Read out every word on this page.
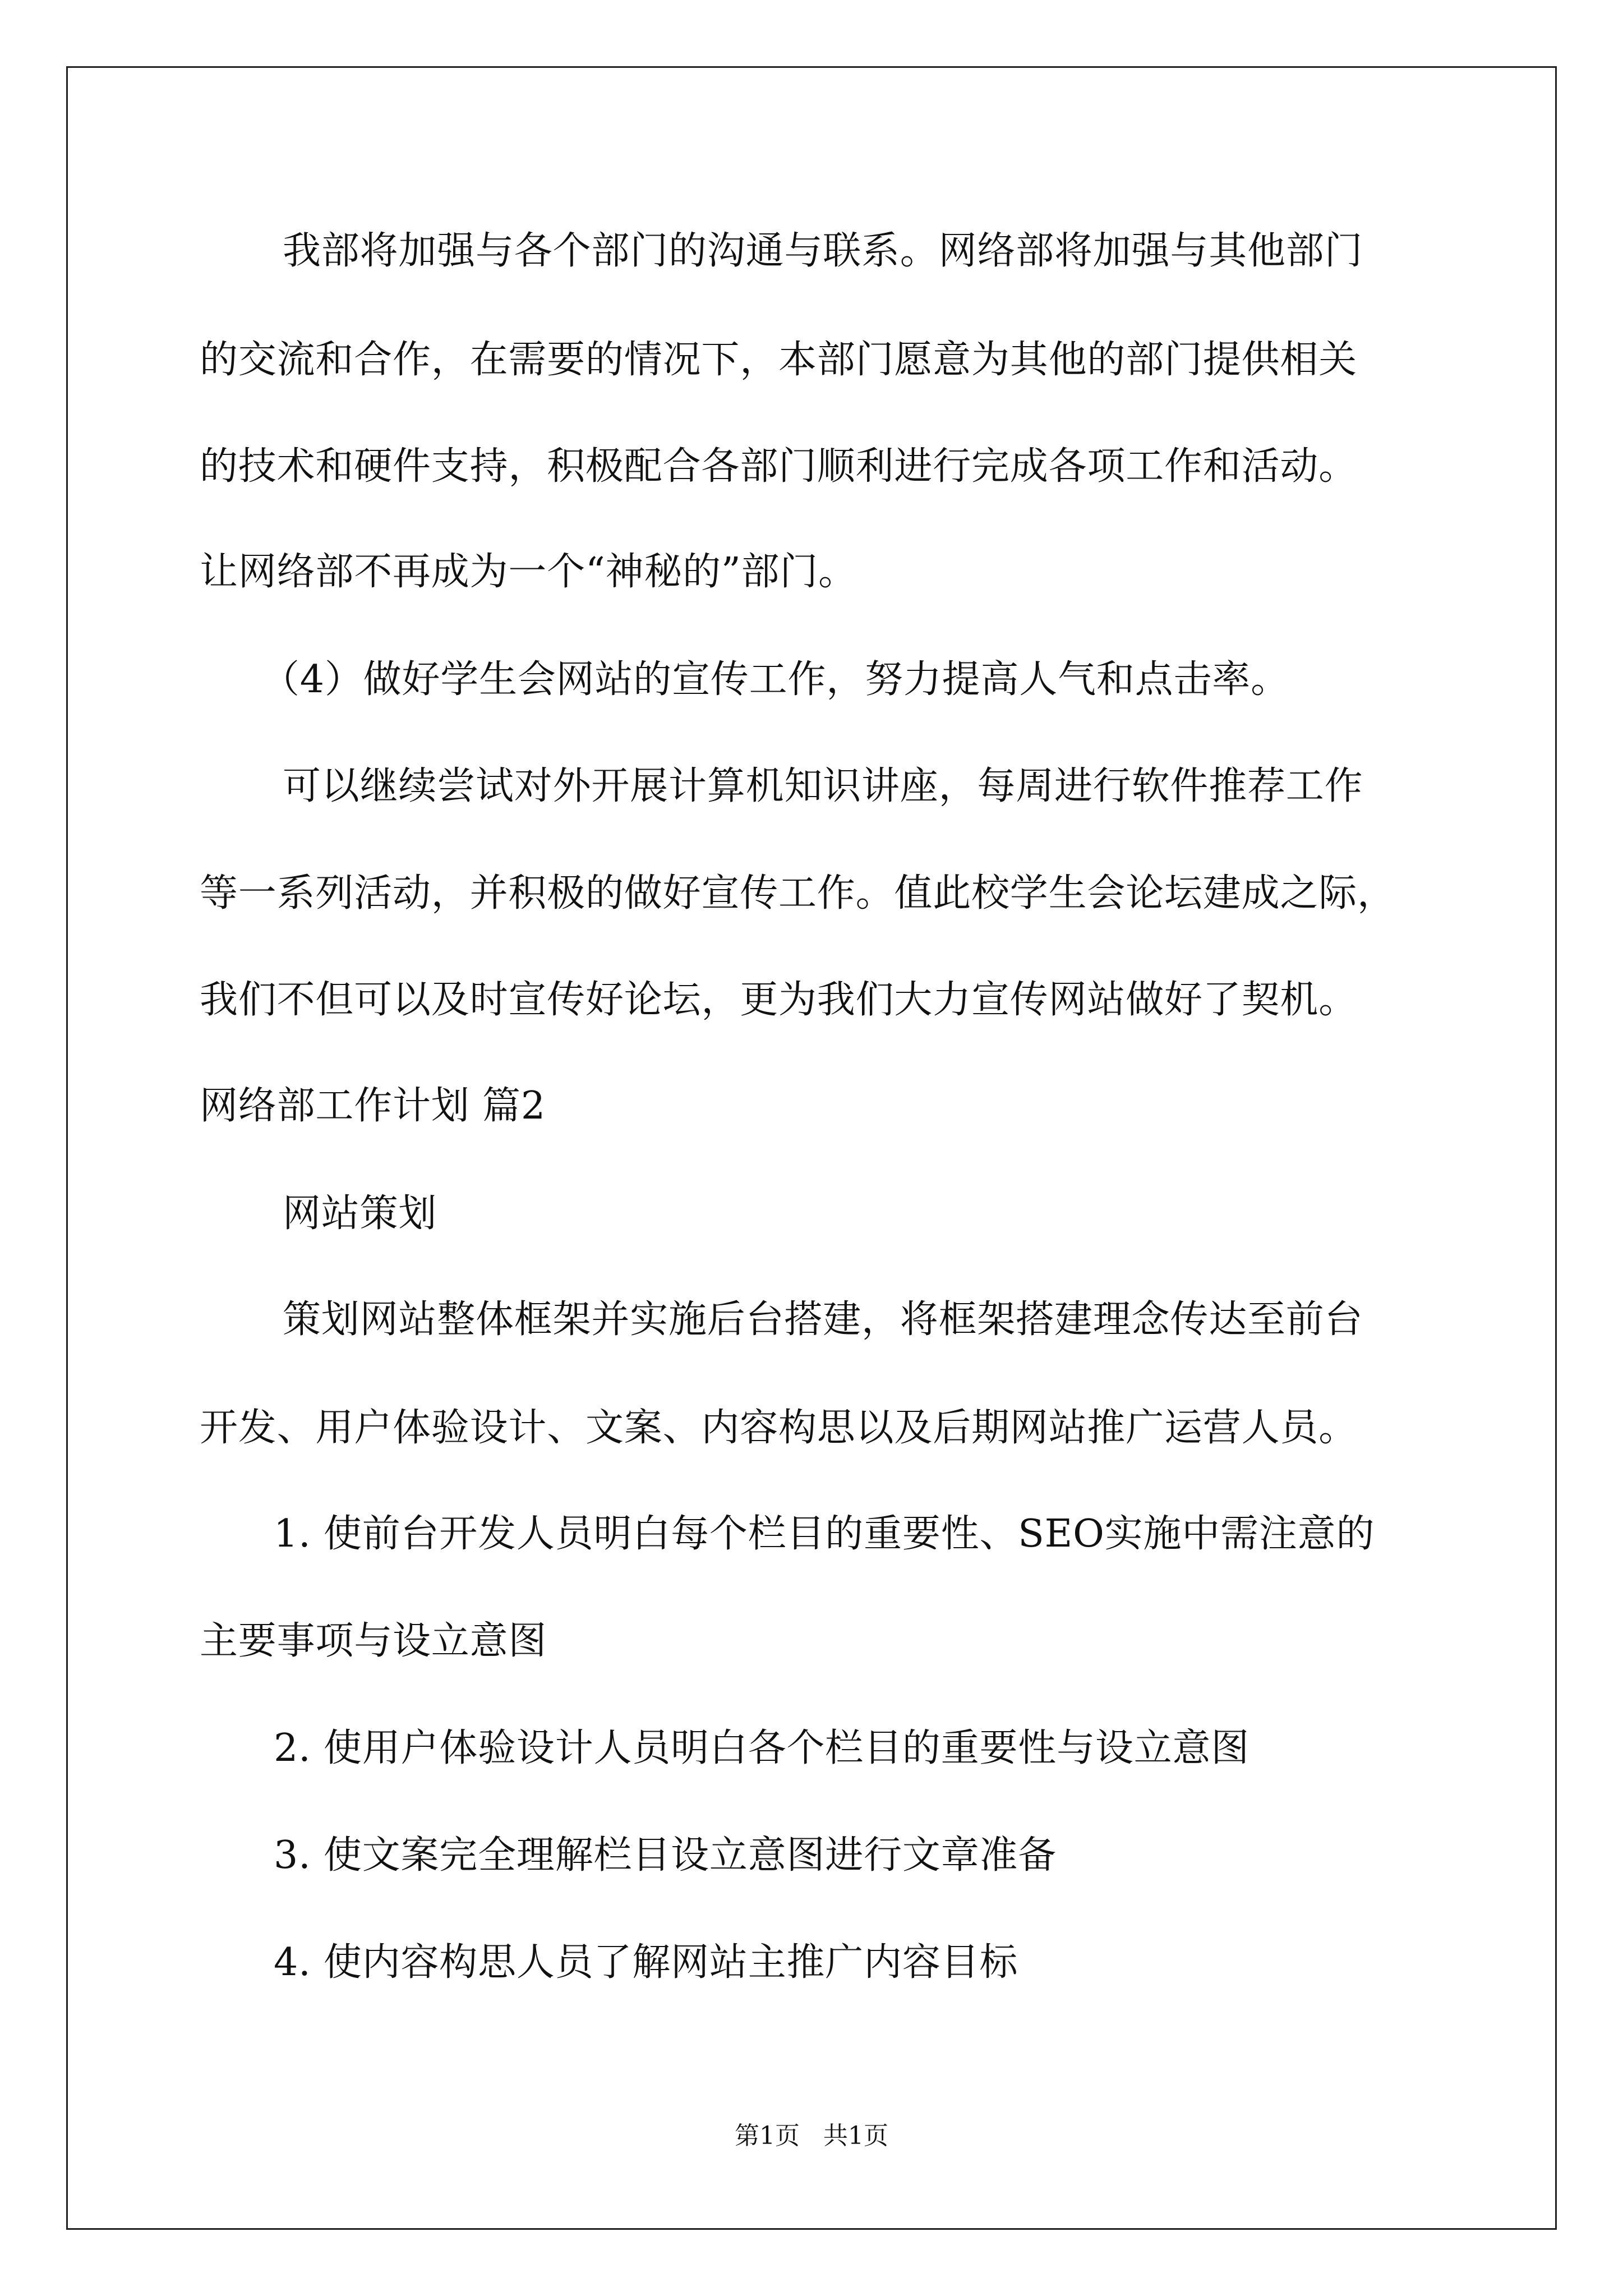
我部将加强与各个部门的沟通与联系。网络部将加强与其他部门
的交流和合作，在需要的情况下，本部门愿意为其他的部门提供相关
的技术和硬件支持，积极配合各部门顺利进行完成各项工作和活动。
让网络部不再成为一个“神秘的”部门。
（4）做好学生会网站的宣传工作，努力提高人气和点击率。
可以继续尝试对外开展计算机知识讲座，每周进行软件推荐工作
等一系列活动，并积极的做好宣传工作。值此校学生会论坛建成之际，
我们不但可以及时宣传好论坛，更为我们大力宣传网站做好了契机。
网络部工作计划 篇2
网站策划
策划网站整体框架并实施后台搭建，将框架搭建理念传达至前台
开发、用户体验设计、文案、内容构思以及后期网站推广运营人员。
1. 使前台开发人员明白每个栏目的重要性、SEO实施中需注意的
主要事项与设立意图
2. 使用户体验设计人员明白各个栏目的重要性与设立意图
3. 使文案完全理解栏目设立意图进行文章准备
4. 使内容构思人员了解网站主推广内容目标
第1页   共1页
